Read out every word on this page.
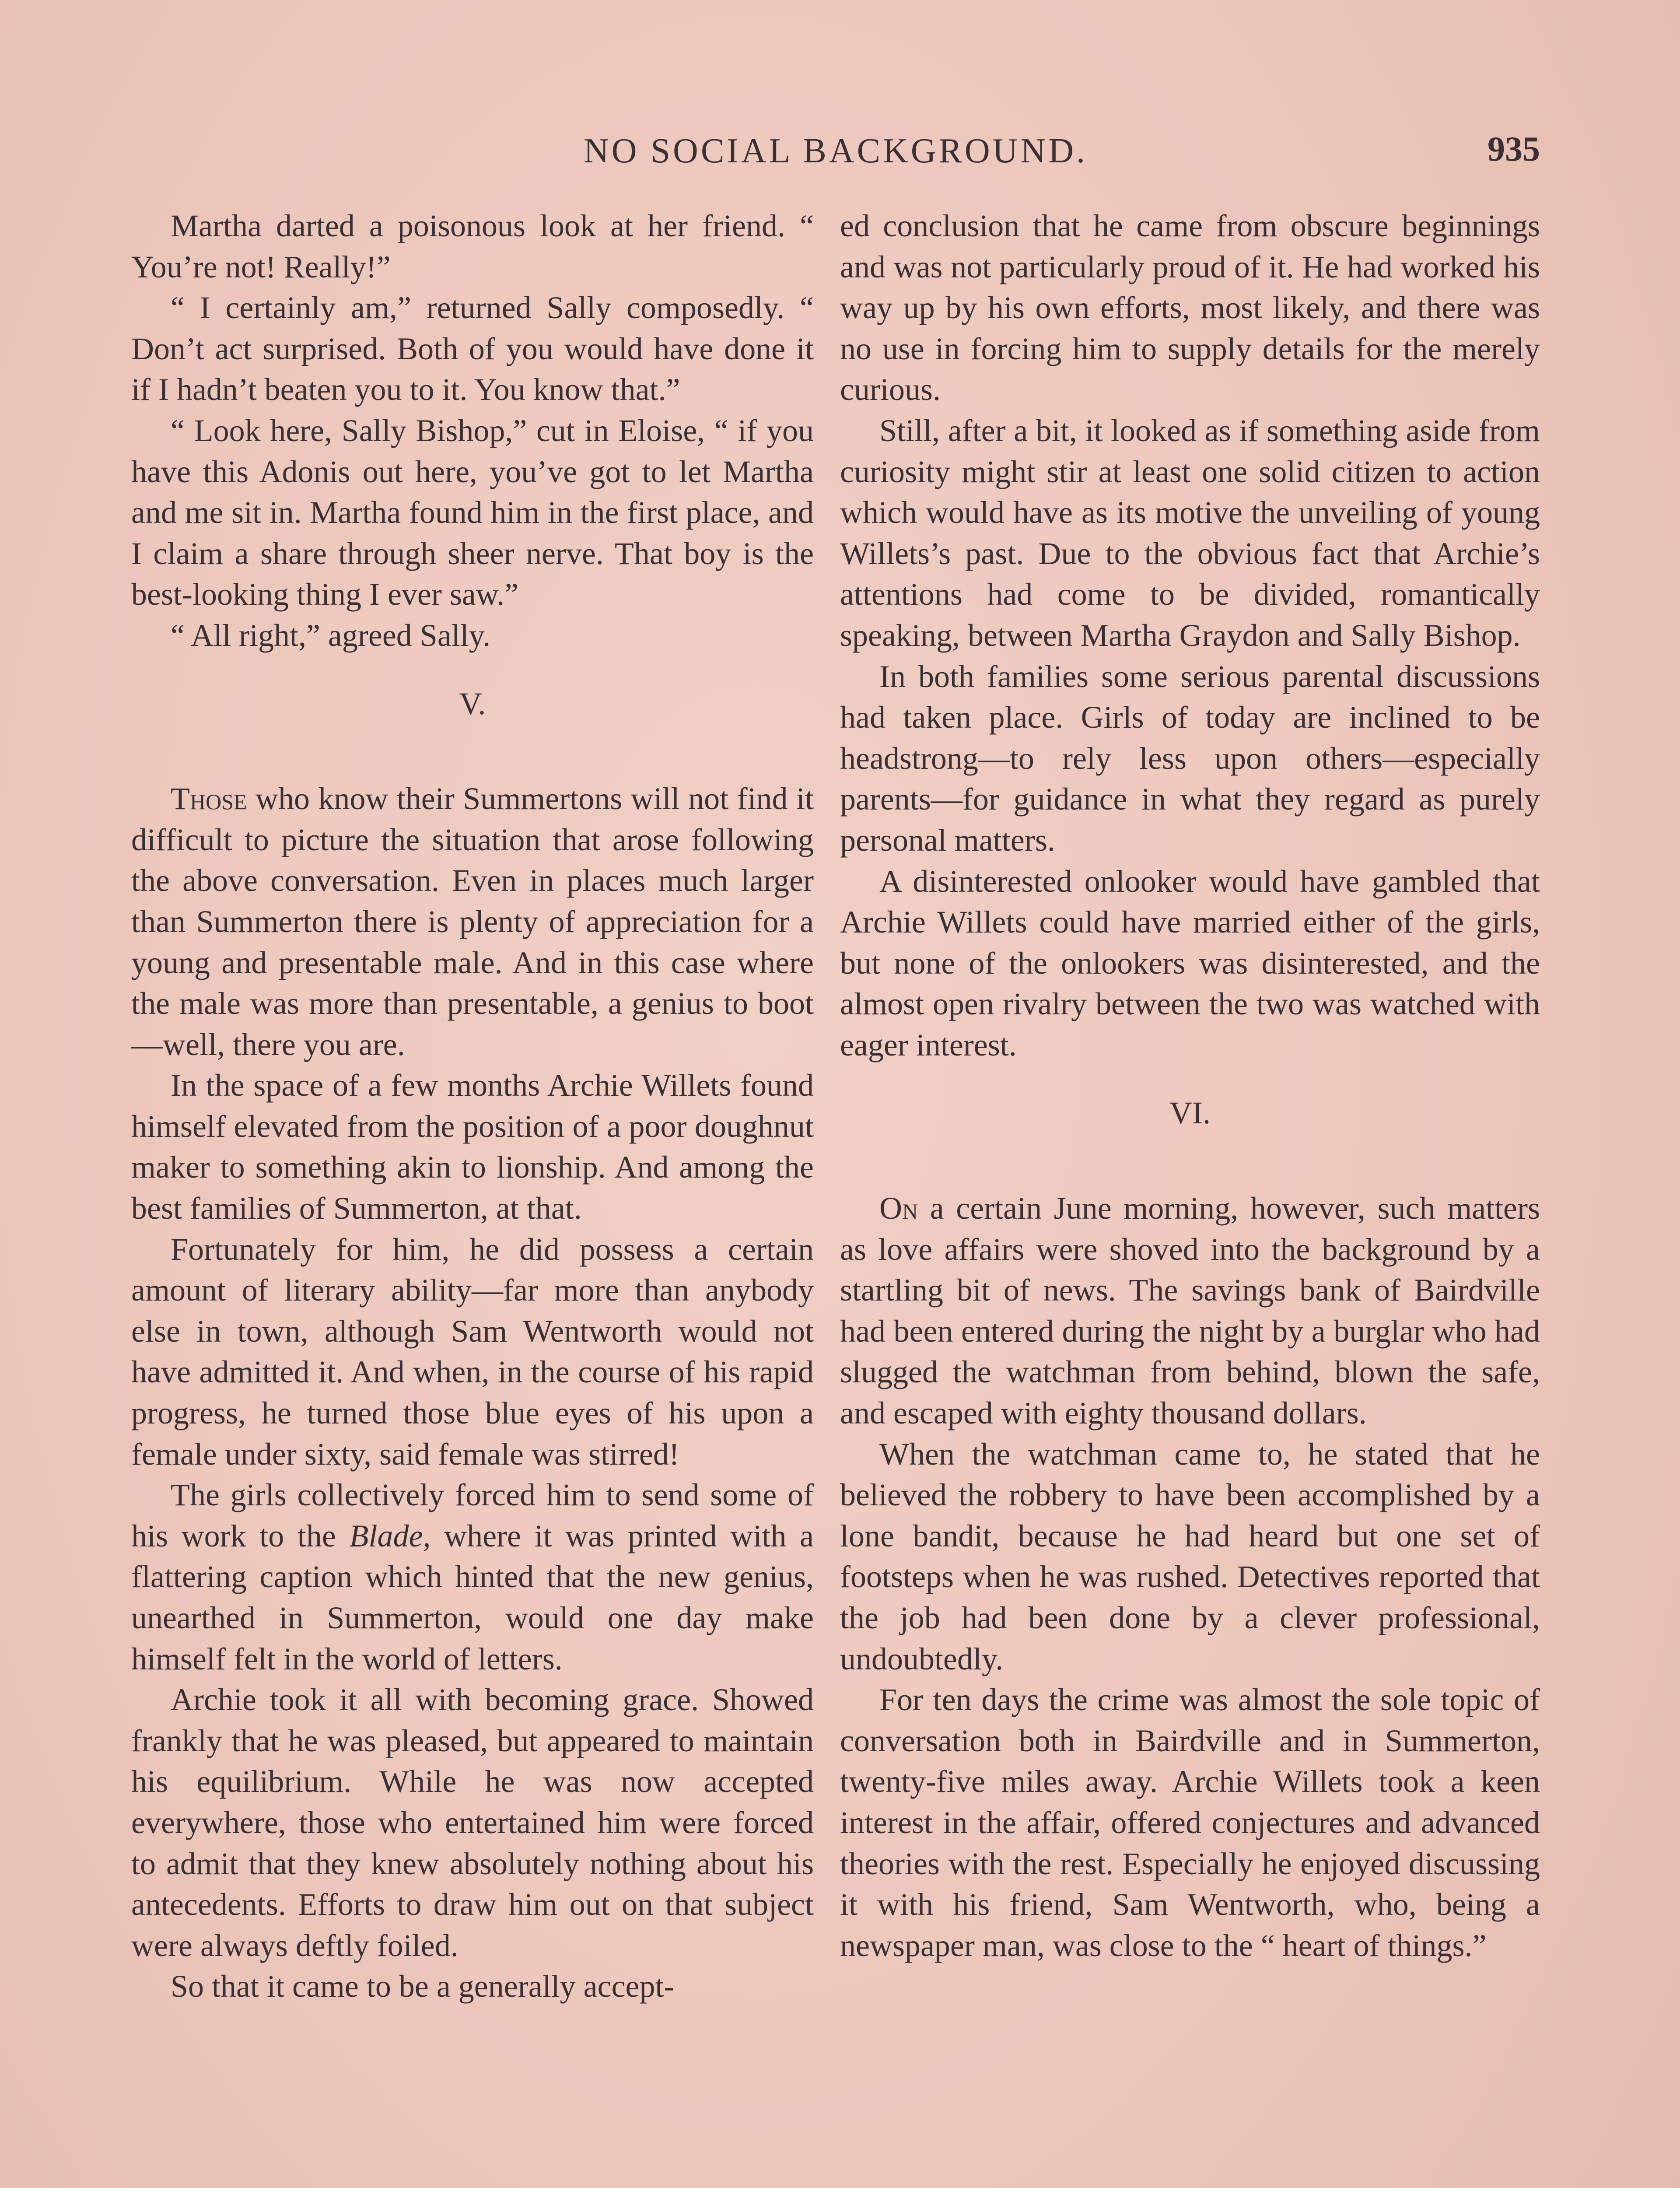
NO SOCIAL BACKGROUND.	935

Martha darted a poisonous look at her friend. “ You’re not! Really!”

“ I certainly am,” returned Sally composedly. “ Don’t act surprised. Both of you would have done it if I hadn’t beaten you to it. You know that.”

“ Look here, Sally Bishop,” cut in Eloise, “ if you have this Adonis out here, you’ve got to let Martha and me sit in. Martha found him in the first place, and I claim a share through sheer nerve. That boy is the best-looking thing I ever saw.”

“ All right,” agreed Sally.

V.

Those who know their Summertons will not find it difficult to picture the situation that arose following the above conversation. Even in places much larger than Summerton there is plenty of appreciation for a young and presentable male. And in this case where the male was more than presentable, a genius to boot—well, there you are.

In the space of a few months Archie Willets found himself elevated from the position of a poor doughnut maker to something akin to lionship. And among the best families of Summerton, at that.

Fortunately for him, he did possess a certain amount of literary ability—far more than anybody else in town, although Sam Wentworth would not have admitted it. And when, in the course of his rapid progress, he turned those blue eyes of his upon a female under sixty, said female was stirred!

The girls collectively forced him to send some of his work to the Blade, where it was printed with a flattering caption which hinted that the new genius, unearthed in Summerton, would one day make himself felt in the world of letters.

Archie took it all with becoming grace. Showed frankly that he was pleased, but appeared to maintain his equilibrium. While he was now accepted everywhere, those who entertained him were forced to admit that they knew absolutely nothing about his antecedents. Efforts to draw him out on that subject were always deftly foiled.

So that it came to be a generally accept-

ed conclusion that he came from obscure beginnings and was not particularly proud of it. He had worked his way up by his own efforts, most likely, and there was no use in forcing him to supply details for the merely curious.

Still, after a bit, it looked as if something aside from curiosity might stir at least one solid citizen to action which would have as its motive the unveiling of young Willets’s past. Due to the obvious fact that Archie’s attentions had come to be divided, romantically speaking, between Martha Graydon and Sally Bishop.

In both families some serious parental discussions had taken place. Girls of today are inclined to be headstrong—to rely less upon others—especially parents—for guidance in what they regard as purely personal matters.

A disinterested onlooker would have gambled that Archie Willets could have married either of the girls, but none of the onlookers was disinterested, and the almost open rivalry between the two was watched with eager interest.

VI.

On a certain June morning, however, such matters as love affairs were shoved into the background by a startling bit of news. The savings bank of Bairdville had been entered during the night by a burglar who had slugged the watchman from behind, blown the safe, and escaped with eighty thousand dollars.

When the watchman came to, he stated that he believed the robbery to have been accomplished by a lone bandit, because he had heard but one set of footsteps when he was rushed. Detectives reported that the job had been done by a clever professional, undoubtedly.

For ten days the crime was almost the sole topic of conversation both in Bairdville and in Summerton, twenty-five miles away. Archie Willets took a keen interest in the affair, offered conjectures and advanced theories with the rest. Especially he enjoyed discussing it with his friend, Sam Wentworth, who, being a newspaper man, was close to the “ heart of things.”
